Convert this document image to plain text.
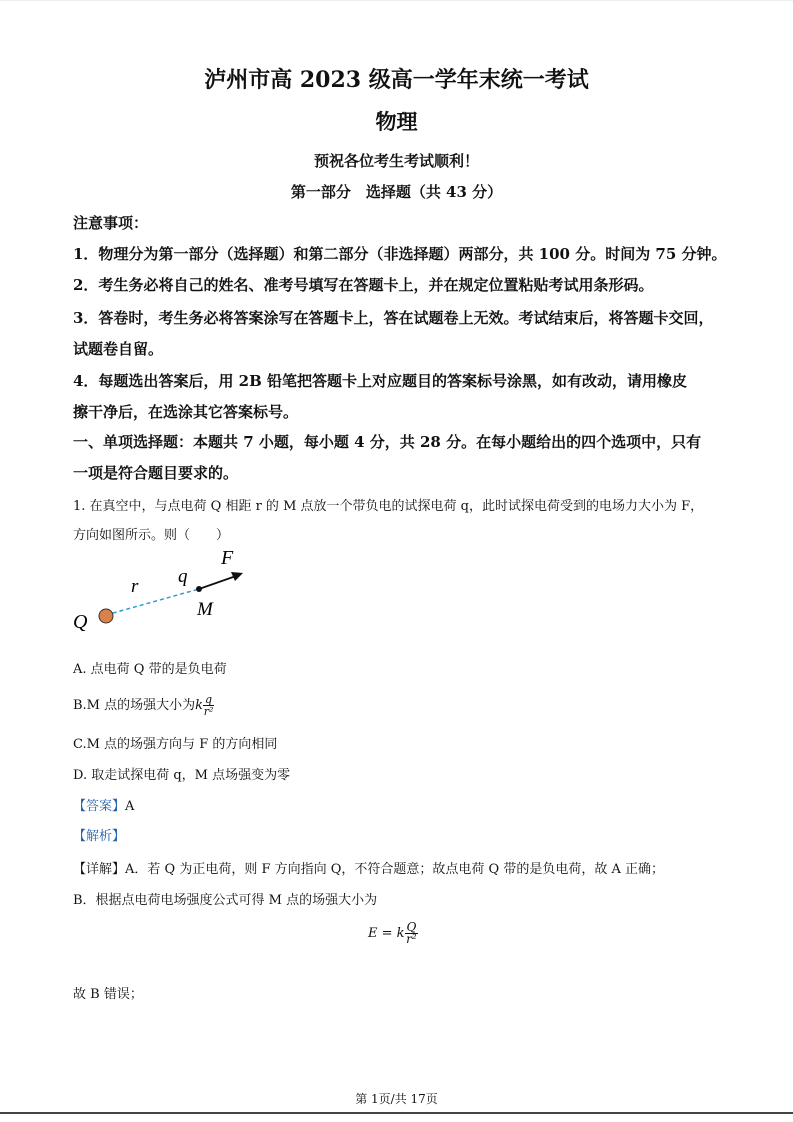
泸州市高 2023 级高一学年末统一考试
物理
预祝各位考生考试顺利！
第一部分　选择题（共 43 分）
注意事项：
1．物理分为第一部分（选择题）和第二部分（非选择题）两部分，共 100 分。时间为 75 分钟。
2．考生务必将自己的姓名、准考号填写在答题卡上，并在规定位置粘贴考试用条形码。
3．答卷时，考生务必将答案涂写在答题卡上，答在试题卷上无效。考试结束后，将答题卡交回，
试题卷自留。
4．每题选出答案后，用 2B 铅笔把答题卡上对应题目的答案标号涂黑，如有改动，请用橡皮
擦干净后，在选涂其它答案标号。
一、单项选择题：本题共 7 小题，每小题 4 分，共 28 分。在每小题给出的四个选项中，只有
一项是符合题目要求的。
1. 在真空中，与点电荷 Q 相距 r 的 M 点放一个带负电的试探电荷 q，此时试探电荷受到的电场力大小为 F，
方向如图所示。则（　　）
F
q
r
M
Q
A. 点电荷 Q 带的是负电荷
B.M 点的场强大小为k $\frac{q}{\text{r²}}$
C.M 点的场强方向与 F 的方向相同
D. 取走试探电荷 q，M 点场强变为零
【答案】A
【解析】
【详解】A．若 Q 为正电荷，则 F 方向指向 Q，不符合题意；故点电荷 Q 带的是负电荷，故 A 正确；
B．根据点电荷电场强度公式可得 M 点的场强大小为
E = k $\frac{Q}{\text{r²}}$
故 B 错误；
第 1页/共 17页
